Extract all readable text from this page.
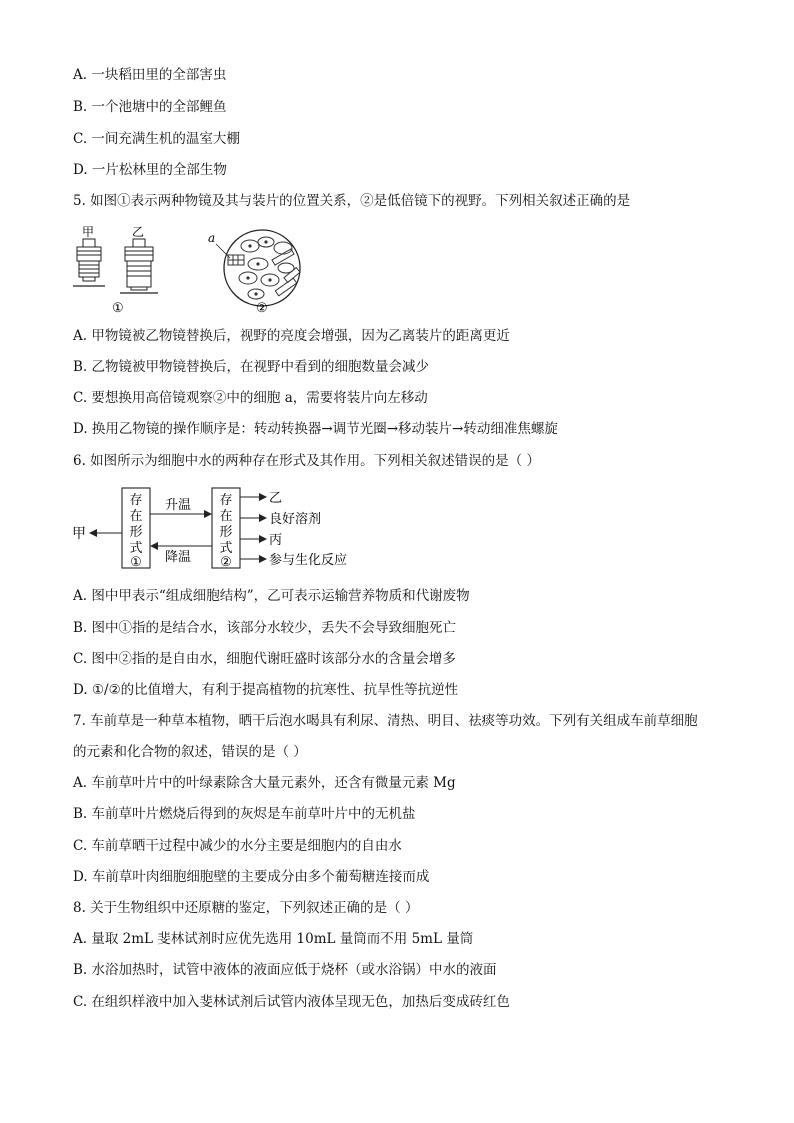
A. 一块稻田里的全部害虫
B. 一个池塘中的全部鲤鱼
C. 一间充满生机的温室大棚
D. 一片松林里的全部生物
5. 如图①表示两种物镜及其与装片的位置关系，②是低倍镜下的视野。下列相关叙述正确的是
甲	乙
①
a
②
A. 甲物镜被乙物镜替换后，视野的亮度会增强，因为乙离装片的距离更近
B. 乙物镜被甲物镜替换后，在视野中看到的细胞数量会减少
C. 要想换用高倍镜观察②中的细胞 a，需要将装片向左移动
D. 换用乙物镜的操作顺序是：转动转换器→调节光圈→移动装片→转动细准焦螺旋
6. 如图所示为细胞中水的两种存在形式及其作用。下列相关叙述错误的是（ ）
甲
存
在
形
式
①
升温
降温
存
在
形
式
②
乙
良好溶剂
丙
参与生化反应
A. 图中甲表示“组成细胞结构”，乙可表示运输营养物质和代谢废物
B. 图中①指的是结合水，该部分水较少，丢失不会导致细胞死亡
C. 图中②指的是自由水，细胞代谢旺盛时该部分水的含量会增多
D. ①/②的比值增大，有利于提高植物的抗寒性、抗旱性等抗逆性
7. 车前草是一种草本植物，晒干后泡水喝具有利尿、清热、明目、祛痰等功效。下列有关组成车前草细胞
的元素和化合物的叙述，错误的是（ ）
A. 车前草叶片中的叶绿素除含大量元素外，还含有微量元素 Mg
B. 车前草叶片燃烧后得到的灰烬是车前草叶片中的无机盐
C. 车前草晒干过程中减少的水分主要是细胞内的自由水
D. 车前草叶肉细胞细胞壁的主要成分由多个葡萄糖连接而成
8. 关于生物组织中还原糖的鉴定，下列叙述正确的是（ ）
A. 量取 2mL 斐林试剂时应优先选用 10mL 量筒而不用 5mL 量筒
B. 水浴加热时，试管中液体的液面应低于烧杯（或水浴锅）中水的液面
C. 在组织样液中加入斐林试剂后试管内液体呈现无色，加热后变成砖红色
